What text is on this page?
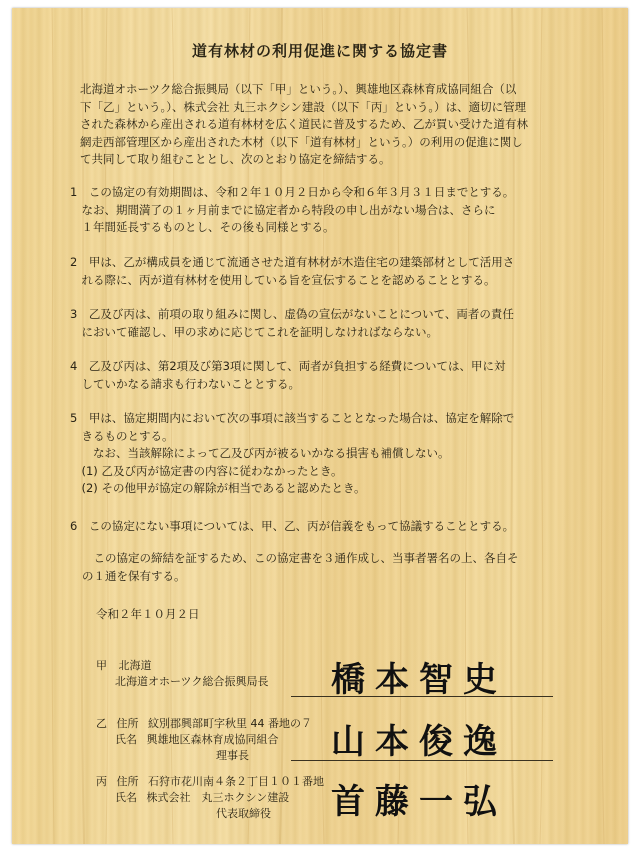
道有林材の利用促進に関する協定書
北海道オホーツク総合振興局（以下「甲」という。）、興雄地区森林育成協同組合（以
下「乙」という。）、株式会社 丸三ホクシン建設（以下「丙」という。）は、適切に管理
された森林から産出される道有林材を広く道民に普及するため、乙が買い受けた道有林
網走西部管理区から産出された木材（以下「道有林材」という。）の利用の促進に関し
て共同して取り組むこととし、次のとおり協定を締結する。
1　この協定の有効期間は、令和２年１０月２日から令和６年３月３１日までとする。
　なお、期間満了の１ヶ月前までに協定者から特段の申し出がない場合は、さらに
　１年間延長するものとし、その後も同様とする。
2　甲は、乙が構成員を通じて流通させた道有林材が木造住宅の建築部材として活用さ
　れる際に、丙が道有林材を使用している旨を宣伝することを認めることとする。
3　乙及び丙は、前項の取り組みに関し、虚偽の宣伝がないことについて、両者の責任
　において確認し、甲の求めに応じてこれを証明しなければならない。
4　乙及び丙は、第2項及び第3項に関して、両者が負担する経費については、甲に対
　していかなる請求も行わないこととする。
5　甲は、協定期間内において次の事項に該当することとなった場合は、協定を解除で
　きるものとする。
　　なお、当該解除によって乙及び丙が被るいかなる損害も補償しない。
　(1) 乙及び丙が協定書の内容に従わなかったとき。
　(2) その他甲が協定の解除が相当であると認めたとき。
6　この協定にない事項については、甲、乙、丙が信義をもって協議することとする。
　この協定の締結を証するため、この協定書を３通作成し、当事者署名の上、各自そ
の１通を保有する。
令和２年１０月２日
甲 北海道
北海道オホーツク総合振興局長 橋本智史
乙 住所 紋別郡興部町字秋里 44 番地の７
氏名 興雄地区森林育成協同組合
理事長	山本俊逸
丙 住所 石狩市花川南４条２丁目１０１番地
氏名 株式会社　丸三ホクシン建設
代表取締役	首藤一弘
